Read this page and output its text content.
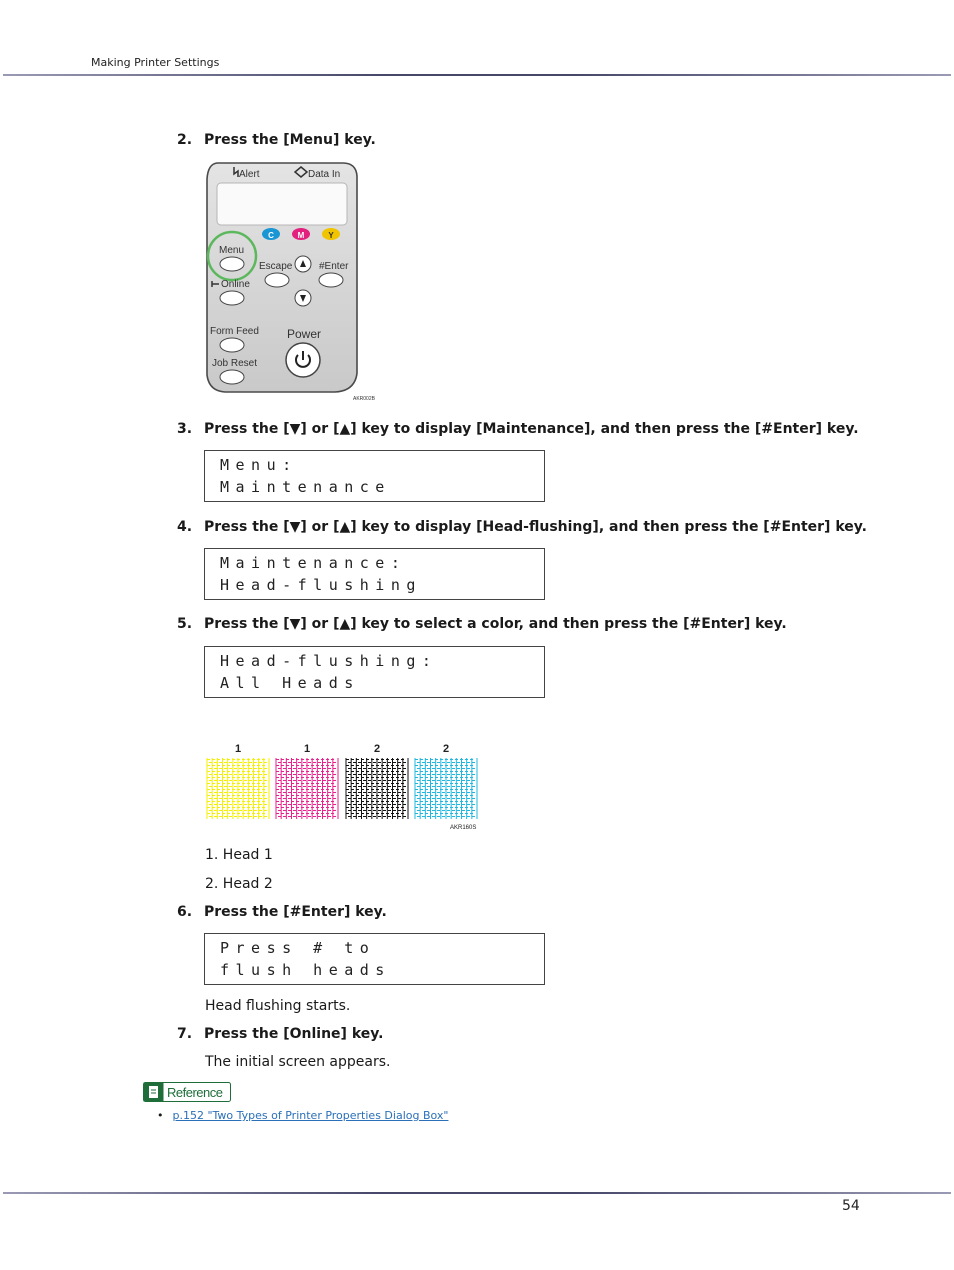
Making Printer Settings
2. Press the [Menu] key.
Alert	Data In
C	M	Y
Menu
Escape	#Enter
Online
Form Feed
Job Reset
Power
AKR002B
3. Press the [▼] or [▲] key to display [Maintenance], and then press the [#Enter] key.
Menu:
Maintenance
4. Press the [▼] or [▲] key to display [Head-flushing], and then press the [#Enter] key.
Maintenance:
Head-flushing
5. Press the [▼] or [▲] key to select a color, and then press the [#Enter] key.
Head-flushing:
All Heads
1	1	2	2
AKR160S
1. Head 1
2. Head 2
6. Press the [#Enter] key.
Press # to
flush heads
Head flushing starts.
7. Press the [Online] key.
The initial screen appears.
Reference
• p.152 "Two Types of Printer Properties Dialog Box"
54
